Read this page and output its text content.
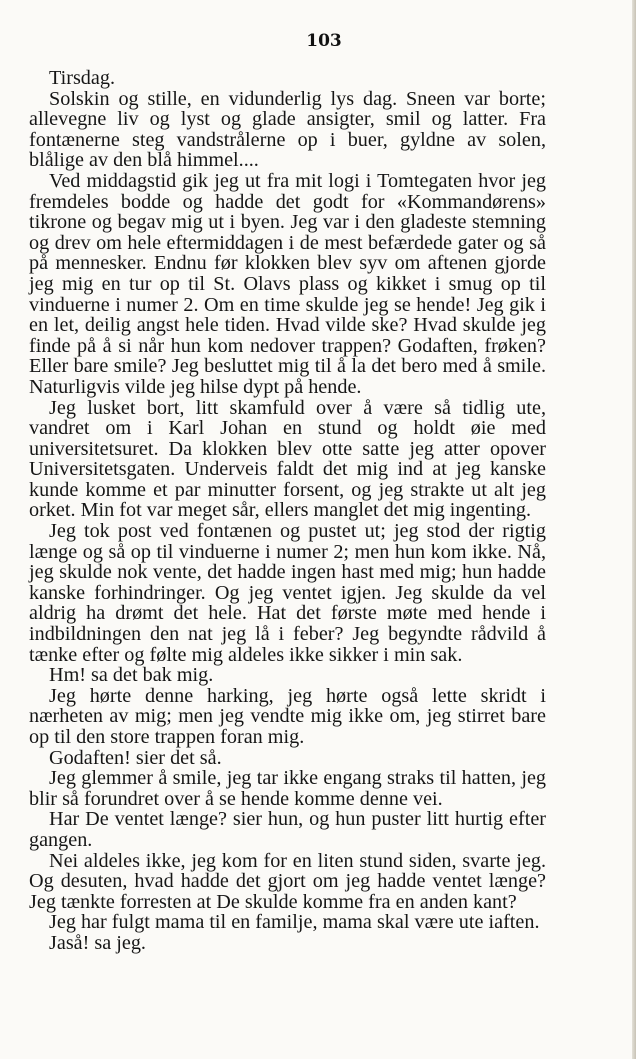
103

Tirsdag.

Solskin og stille, en vidunderlig lys dag. Sneen var borte; allevegne liv og lyst og glade ansigter, smil og latter. Fra fontænerne steg vandstrålerne op i buer, gyldne av solen, blålige av den blå himmel....

Ved middagstid gik jeg ut fra mit logi i Tomtegaten hvor jeg fremdeles bodde og hadde det godt for «Kommandørens» tikrone og begav mig ut i byen. Jeg var i den gladeste stemning og drev om hele eftermiddagen i de mest befærdede gater og så på mennesker. Endnu før klokken blev syv om aftenen gjorde jeg mig en tur op til St. Olavs plass og kikket i smug op til vinduerne i numer 2. Om en time skulde jeg se hende! Jeg gik i en let, deilig angst hele tiden. Hvad vilde ske? Hvad skulde jeg finde på å si når hun kom nedover trappen? Godaften, frøken? Eller bare smile? Jeg besluttet mig til å la det bero med å smile. Naturligvis vilde jeg hilse dypt på hende.

Jeg lusket bort, litt skamfuld over å være så tidlig ute, vandret om i Karl Johan en stund og holdt øie med universitetsuret. Da klokken blev otte satte jeg atter opover Universitetsgaten. Underveis faldt det mig ind at jeg kanske kunde komme et par minutter forsent, og jeg strakte ut alt jeg orket. Min fot var meget sår, ellers manglet det mig ingenting.

Jeg tok post ved fontænen og pustet ut; jeg stod der rigtig længe og så op til vinduerne i numer 2; men hun kom ikke. Nå, jeg skulde nok vente, det hadde ingen hast med mig; hun hadde kanske forhindringer. Og jeg ventet igjen. Jeg skulde da vel aldrig ha drømt det hele. Hat det første møte med hende i indbildningen den nat jeg lå i feber? Jeg begyndte rådvild å tænke efter og følte mig aldeles ikke sikker i min sak.

Hm! sa det bak mig.

Jeg hørte denne harking, jeg hørte også lette skridt i nærheten av mig; men jeg vendte mig ikke om, jeg stirret bare op til den store trappen foran mig.

Godaften! sier det så.

Jeg glemmer å smile, jeg tar ikke engang straks til hatten, jeg blir så forundret over å se hende komme denne vei.

Har De ventet længe? sier hun, og hun puster litt hurtig efter gangen.

Nei aldeles ikke, jeg kom for en liten stund siden, svarte jeg. Og desuten, hvad hadde det gjort om jeg hadde ventet længe? Jeg tænkte forresten at De skulde komme fra en anden kant?

Jeg har fulgt mama til en familje, mama skal være ute iaften.

Jaså! sa jeg.
